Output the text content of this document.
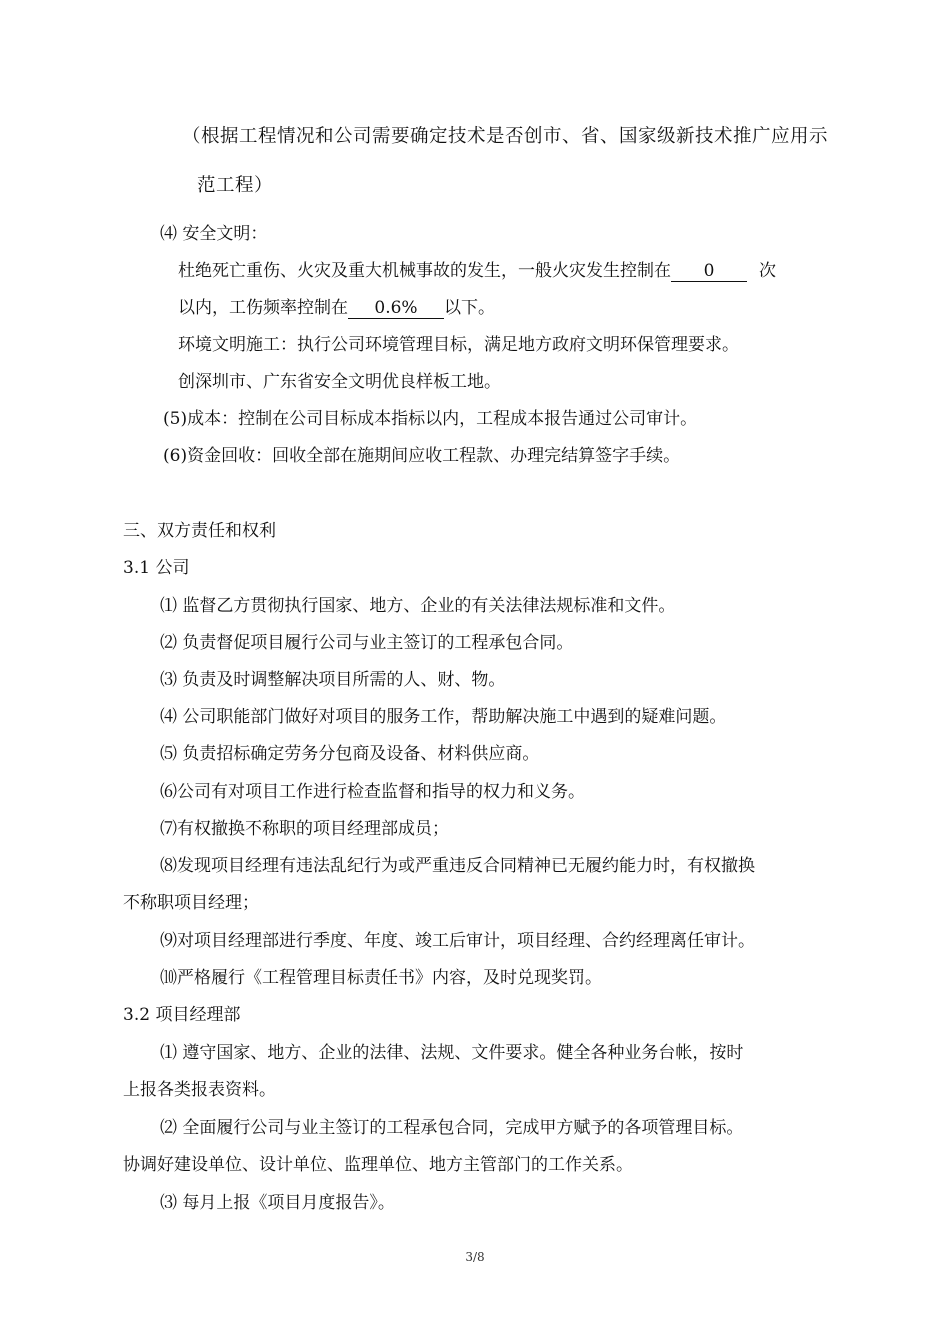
（根据工程情况和公司需要确定技术是否创市、省、国家级新技术推广应用示
范工程）
⑷ 安全文明：
杜绝死亡重伤、火灾及重大机械事故的发生，一般火灾发生控制在 0	次
以内，工伤频率控制在 0.6% 以下。
环境文明施工：执行公司环境管理目标，满足地方政府文明环保管理要求。
创深圳市、广东省安全文明优良样板工地。
(5)成本：控制在公司目标成本指标以内，工程成本报告通过公司审计。
(6)资金回收：回收全部在施期间应收工程款、办理完结算签字手续。
三、双方责任和权利
3.1 公司
⑴ 监督乙方贯彻执行国家、地方、企业的有关法律法规标准和文件。
⑵ 负责督促项目履行公司与业主签订的工程承包合同。
⑶ 负责及时调整解决项目所需的人、财、物。
⑷ 公司职能部门做好对项目的服务工作，帮助解决施工中遇到的疑难问题。
⑸ 负责招标确定劳务分包商及设备、材料供应商。
⑹公司有对项目工作进行检查监督和指导的权力和义务。
⑺有权撤换不称职的项目经理部成员；
⑻发现项目经理有违法乱纪行为或严重违反合同精神已无履约能力时，有权撤换
不称职项目经理；
⑼对项目经理部进行季度、年度、竣工后审计，项目经理、合约经理离任审计。
⑽严格履行《工程管理目标责任书》内容，及时兑现奖罚。
3.2 项目经理部
⑴ 遵守国家、地方、企业的法律、法规、文件要求。健全各种业务台帐，按时
上报各类报表资料。
⑵ 全面履行公司与业主签订的工程承包合同，完成甲方赋予的各项管理目标。
协调好建设单位、设计单位、监理单位、地方主管部门的工作关系。
⑶ 每月上报《项目月度报告》。
3/8
